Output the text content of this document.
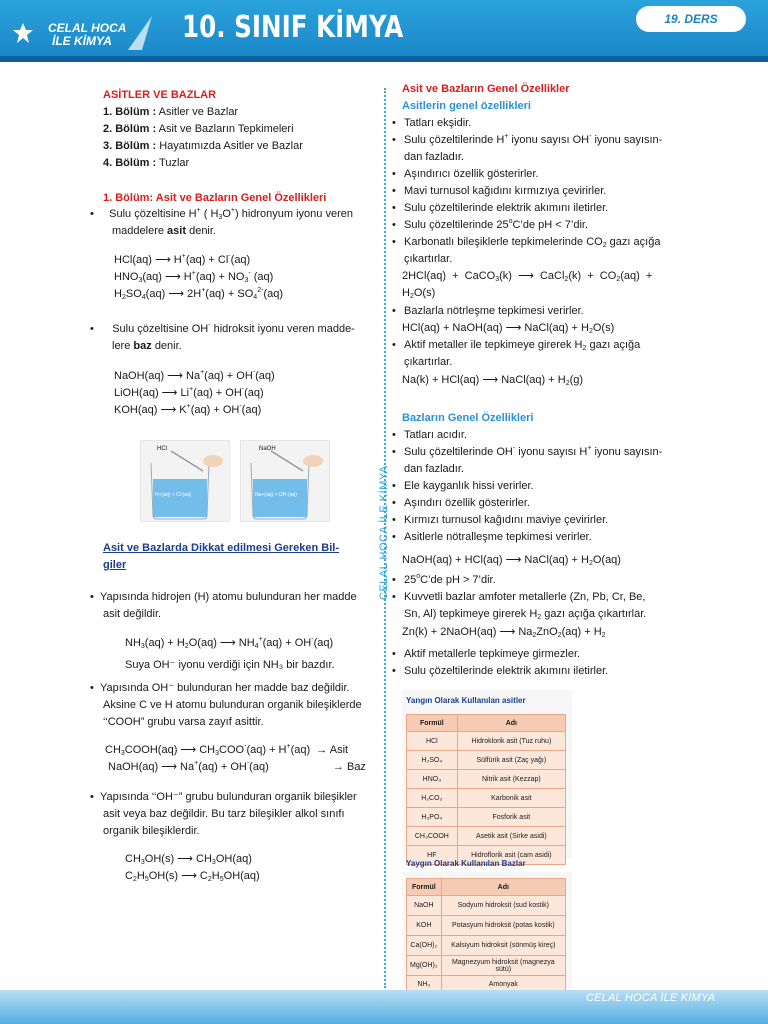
CELAL HOCA
İLE KİMYA 10. SINIF KİMYA	19. DERS
CELAL HOCA İLE KİMYA
ASİTLER VE BAZLAR
1. Bölüm : Asitler ve Bazlar
2. Bölüm : Asit ve Bazların Tepkimeleri
3. Bölüm : Hayatımızda Asitler ve Bazlar
4. Bölüm : Tuzlar
1. Bölüm: Asit ve Bazların Genel Özellikleri
•     Sulu çözeltisine H+ ( $H_3O^+$) hidronyum iyonu veren
maddelere asit denir.
HCl(aq) ⟶ H+(aq) + Cl-(aq)
$HNO_3(aq)$ ⟶ $H^+(aq) + NO_3^-$ (aq)
$H_2SO_4(aq)$ ⟶ $2H^+(aq) + SO_4^{2-}(aq)$
•      Sulu çözeltisine OH- hidroksit iyonu veren madde-
lere baz denir.
NaOH(aq) ⟶ Na+(aq) + OH-(aq)
LiOH(aq) ⟶ Li+(aq) + OH-(aq)
KOH(aq) ⟶ K+(aq) + OH-(aq)
HCl
H+(aq) + Cl-(aq)
NaOH
Na+(aq) + OH-(aq)
Asit ve Bazlarda Dikkat edilmesi Gereken Bil-
giler
•  Yapısında hidrojen (H) atomu bulunduran her madde
asit değildir.
$NH_3(aq) + H_2O(aq)$ ⟶ $NH_4^+(aq) + OH^-(aq)$
Suya OH⁻ iyonu verdiği için NH₃ bir bazdır.
•  Yapısında OH⁻ bulunduran her madde baz değildir.
Aksine C ve H atomu bulunduran organik bileşiklerde
‘‘COOH” grubu varsa zayıf asittir.
$CH_3COOH(aq)$ ⟶ $CH_3COO^-(aq) + H^+(aq)$  → Asit
NaOH(aq) ⟶ Na+(aq) + OH-(aq)                     → Baz
•  Yapısında ‘‘OH⁻” grubu bulunduran organik bileşikler
asit veya baz değildir. Bu tarz bileşikler alkol sınıfı
organik bileşiklerdir.
$CH_3OH(s)$ ⟶ $CH_3OH(aq)$
$C_2H_5OH(s)$ ⟶ $C_2H_5OH(aq)$
Asit ve Bazların Genel Özellikler
Asitlerin genel özellikleri
• Tatları ekşidir.
• Sulu çözeltilerinde H+ iyonu sayısı OH- iyonu sayısın-
dan fazladır.
• Aşındırıcı özellik gösterirler.
• Mavi turnusol kağıdını kırmızıya çevirirler.
• Sulu çözeltilerinde elektrik akımını iletirler.
• Sulu çözeltilerinde 25$^o$C’de pH < 7’dir.
• Karbonatlı bileşiklerle tepkimelerinde $CO_2$ gazı açığa
çıkartırlar.
2HCl(aq)  +  CaCO$_3$(k)  ⟶  CaCl$_2$(k)  +  $CO_2(aq)$  +
$H_2O(s)$
• Bazlarla nötrleşme tepkimesi verirler.
HCl(aq) + NaOH(aq) ⟶ NaCl(aq) + $H_2O(s)$
• Aktif metaller ile tepkimeye girerek $H_2$ gazı açığa
çıkartırlar.
Na(k) + HCl(aq) ⟶ NaCl(aq) + $H_2(g)$
Bazların Genel Özellikleri
• Tatları acıdır.
• Sulu çözeltilerinde OH- iyonu sayısı H+ iyonu sayısın-
dan fazladır.
• Ele kayganlık hissi verirler.
• Aşındırı özellik gösterirler.
• Kırmızı turnusol kağıdını maviye çevirirler.
• Asitlerle nötralleşme tepkimesi verirler.
NaOH(aq) + HCl(aq) ⟶ NaCl(aq) + $H_2O(aq)$
• 25$^o$C’de pH > 7’dir.
• Kuvvetli bazlar amfoter metallerle (Zn, Pb, Cr, Be,
Sn, Al) tepkimeye girerek $H_2$ gazı açığa çıkartırlar.
Zn(k) + 2NaOH(aq) ⟶ $Na_2ZnO_2(aq) + H_2$
• Aktif metallerle tepkimeye girmezler.
• Sulu çözeltilerinde elektrik akımını iletirler.
Yangın Olarak Kullanılan asitler
Formül	Adı
HCl	Hidroklorik asit (Tuz ruhu)
H₂SO₄	Sülfürik asit (Zaç yağı)
HNO₃	Nitrik asit (Kezzap)
H₂CO₃	Karbonik asit
H₃PO₄	Fosforik asit
CH₃COOH	Asetik asit (Sirke asidi)
HF	Hidroflorik asit (cam asidi)
Yaygın Olarak Kullanılan Bazlar
Formül	Adı
NaOH	Sodyum hidroksit (sud kostik)
KOH	Potasyum hidroksit (potas kostik)
Ca(OH)₂	Kalsiyum hidroksit (sönmüş kireç)
Mg(OH)₂	Magnezyum hidroksit (magnezya sütü)
NH₃	Amonyak
CELAL HOCA İLE KİMYA
